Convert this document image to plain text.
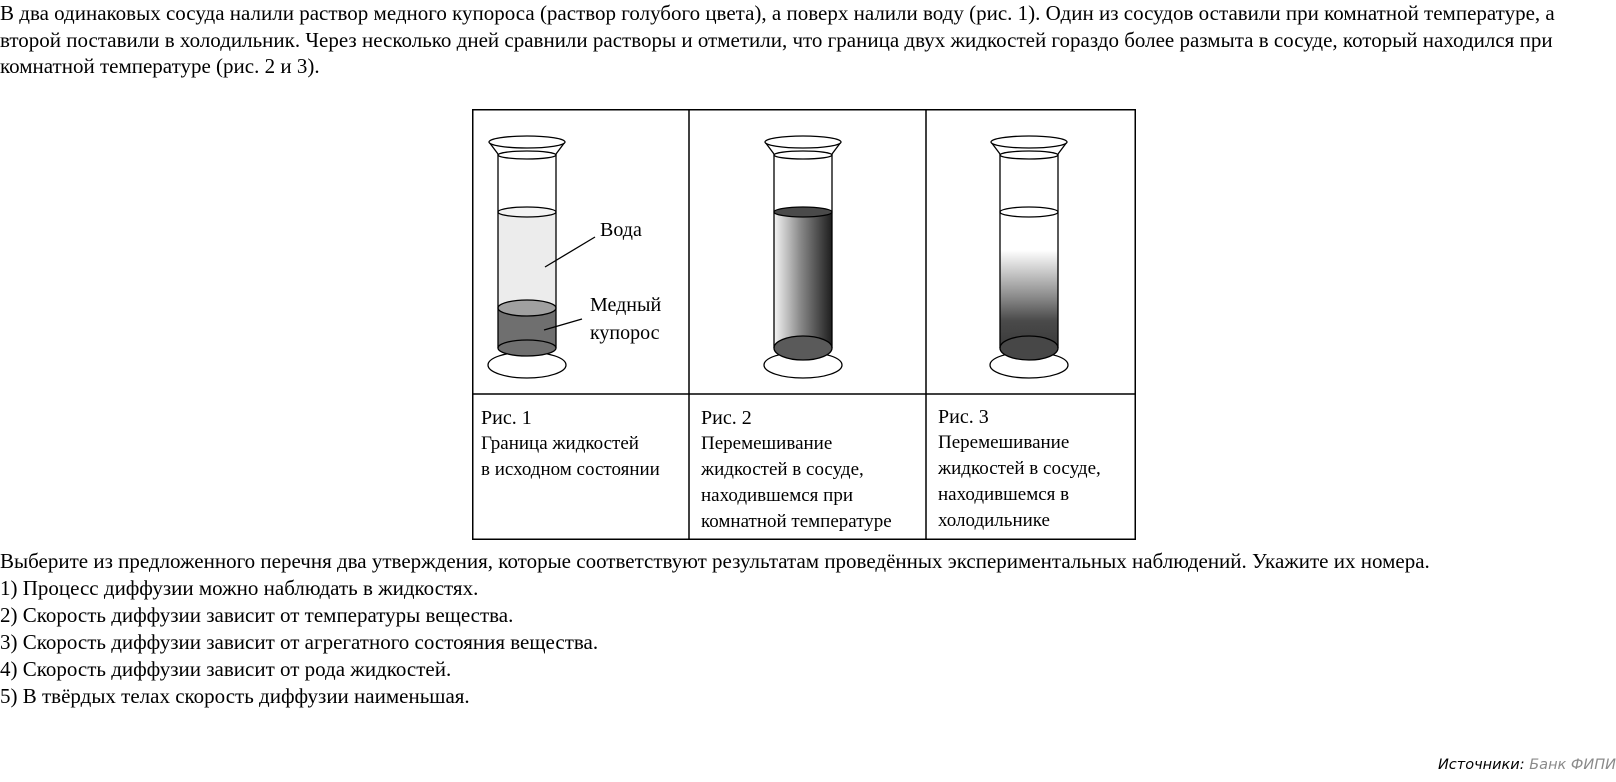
В два одинаковых сосуда налили раствор медного купороса (раствор голубого цвета), а поверх налили воду (рис. 1). Один из сосудов оставили при комнатной температуре, а второй поставили в холодильник. Через несколько дней сравнили растворы и отметили, что граница двух жидкостей гораздо более размыта в сосуде, который находился при комнатной температуре (рис. 2 и 3).

Вода
Медный
купорос
Рис. 1
Граница жидкостей
в исходном состоянии
Рис. 2
Перемешивание
жидкостей в сосуде,
находившемся при
комнатной температуре
Рис. 3
Перемешивание
жидкостей в сосуде,
находившемся в
холодильнике
Выберите из предложенного перечня два утверждения, которые соответствуют результатам проведённых экспериментальных наблюдений. Укажите их номера.
1) Процесс диффузии можно наблюдать в жидкостях.
2) Скорость диффузии зависит от температуры вещества.
3) Скорость диффузии зависит от агрегатного состояния вещества.
4) Скорость диффузии зависит от рода жидкостей.
5) В твёрдых телах скорость диффузии наименьшая.
Источники: Банк ФИПИ
